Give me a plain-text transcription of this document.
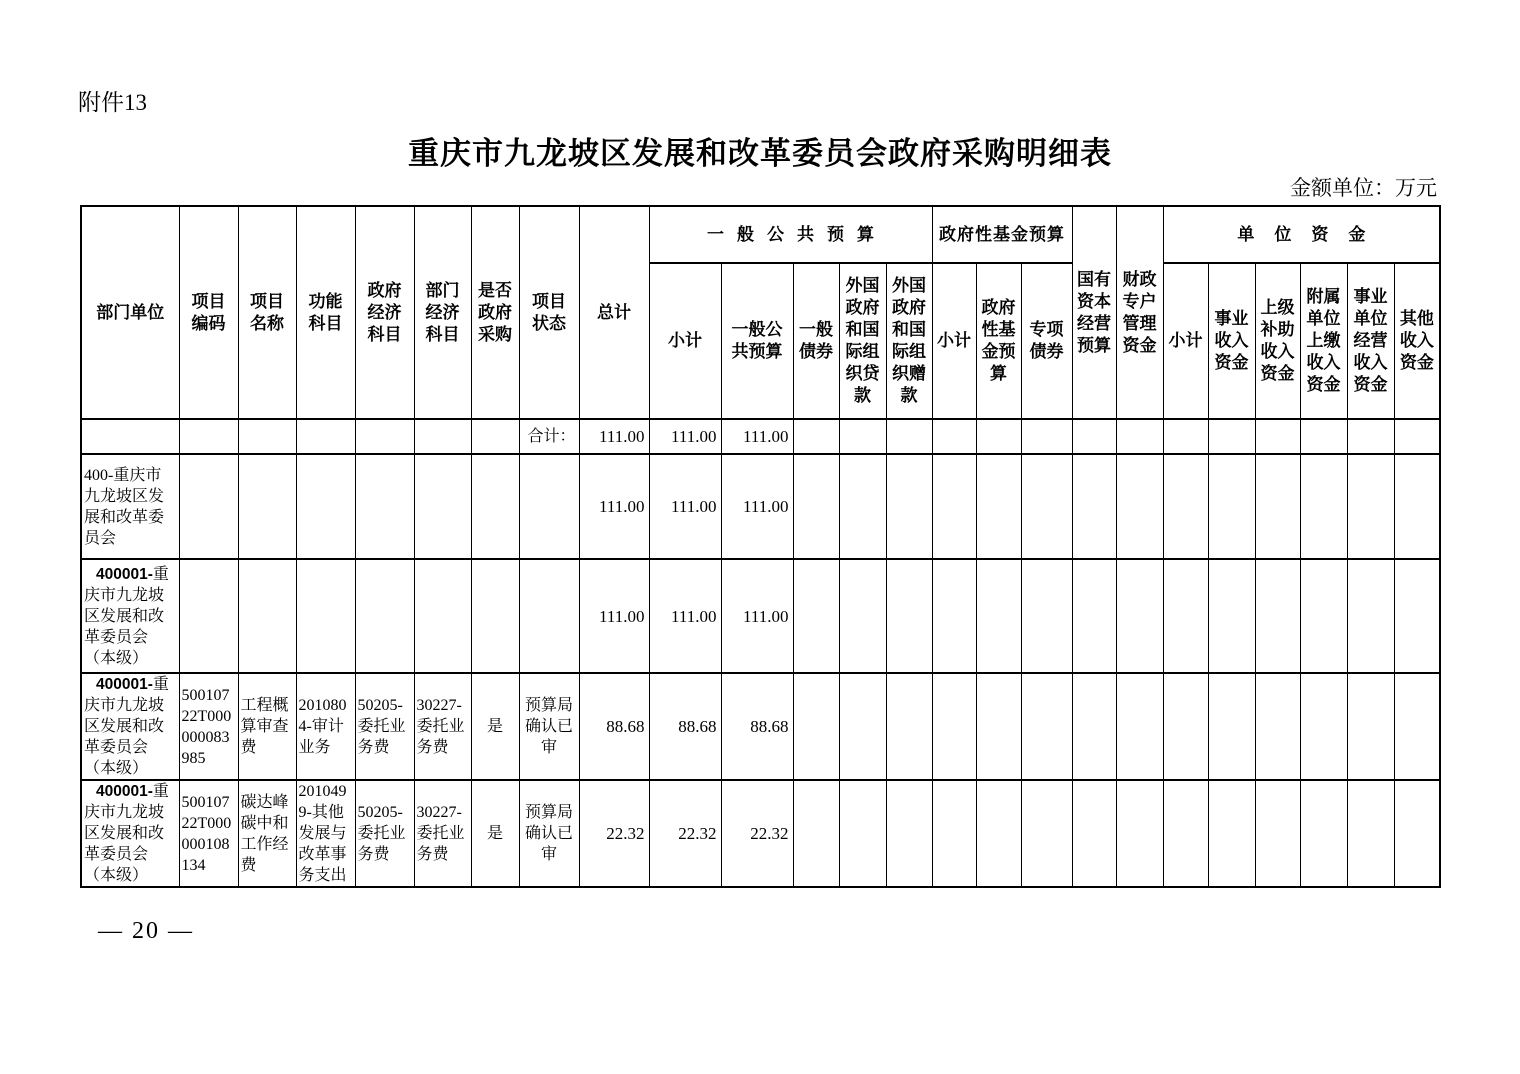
附件13
重庆市九龙坡区发展和改革委员会政府采购明细表
金额单位：万元
部门单位	项目编码	项目名称	功能科目	政府经济科目	部门经济科目	是否政府采购	项目状态	总计	一般公共预算					政府性基金预算			国有资本经营预算	财政专户管理资金	单位资金					
									小计	一般公共预算	一般债券	外国政府和国际组织贷款	外国政府和国际组织赠款	小计	政府性基金预算	专项债券			小计	事业收入资金	上级补助收入资金	附属单位上缴收入资金	事业单位经营收入资金	其他收入资金
							合计：	111.00	111.00	111.00														
400-重庆市九龙坡区发展和改革委员会								111.00	111.00	111.00														
400001-重庆市九龙坡区发展和改革委员会（本级）								111.00	111.00	111.00														
400001-重庆市九龙坡区发展和改革委员会（本级）	50010722T000000083985	工程概算审查费	2010804-审计业务	50205-委托业务费	30227-委托业务费	是	预算局确认已审	88.68	88.68	88.68														
400001-重庆市九龙坡区发展和改革委员会（本级）	50010722T000000108134	碳达峰碳中和工作经费	2010499-其他发展与改革事务支出	50205-委托业务费	30227-委托业务费	是	预算局确认已审	22.32	22.32	22.32														
— 20 —
